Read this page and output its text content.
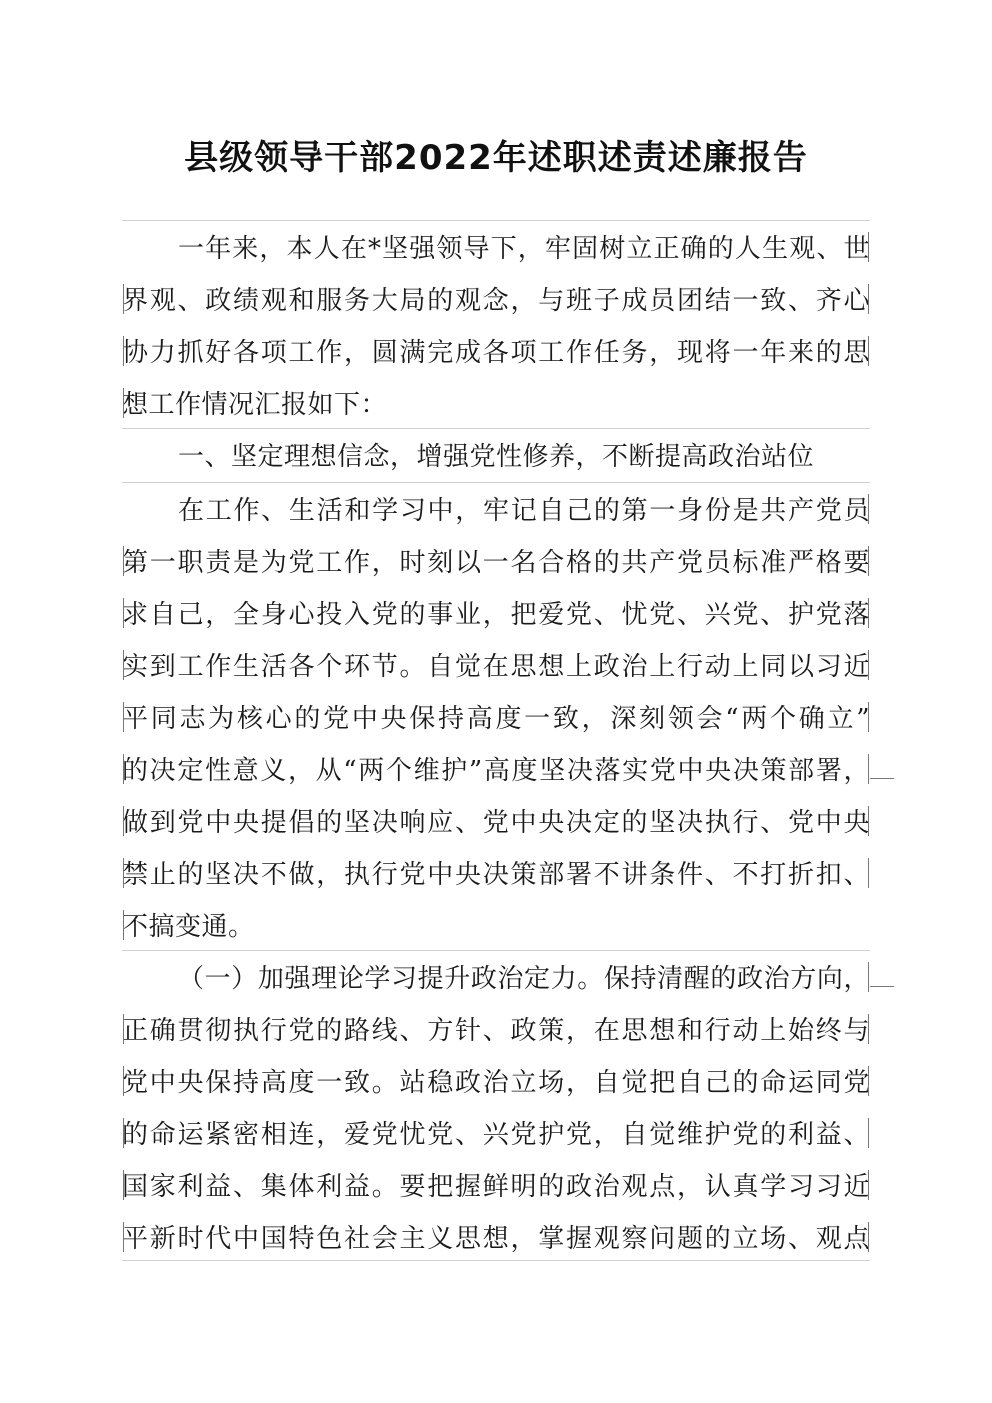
县级领导干部2022年述职述责述廉报告
一年来，本人在*坚强领导下，牢固树立正确的人生观、世
界观、政绩观和服务大局的观念，与班子成员团结一致、齐心
协力抓好各项工作，圆满完成各项工作任务，现将一年来的思
想工作情况汇报如下：
一、坚定理想信念，增强党性修养，不断提高政治站位
在工作、生活和学习中，牢记自己的第一身份是共产党员
第一职责是为党工作，时刻以一名合格的共产党员标准严格要
求自己，全身心投入党的事业，把爱党、忧党、兴党、护党落
实到工作生活各个环节。自觉在思想上政治上行动上同以习近
平同志为核心的党中央保持高度一致，深刻领会“两个确立”
的决定性意义，从“两个维护”高度坚决落实党中央决策部署，
做到党中央提倡的坚决响应、党中央决定的坚决执行、党中央
禁止的坚决不做，执行党中央决策部署不讲条件、不打折扣、
不搞变通。
（一）加强理论学习提升政治定力。保持清醒的政治方向，
正确贯彻执行党的路线、方针、政策，在思想和行动上始终与
党中央保持高度一致。站稳政治立场，自觉把自己的命运同党
的命运紧密相连，爱党忧党、兴党护党，自觉维护党的利益、
国家利益、集体利益。要把握鲜明的政治观点，认真学习习近
平新时代中国特色社会主义思想，掌握观察问题的立场、观点
